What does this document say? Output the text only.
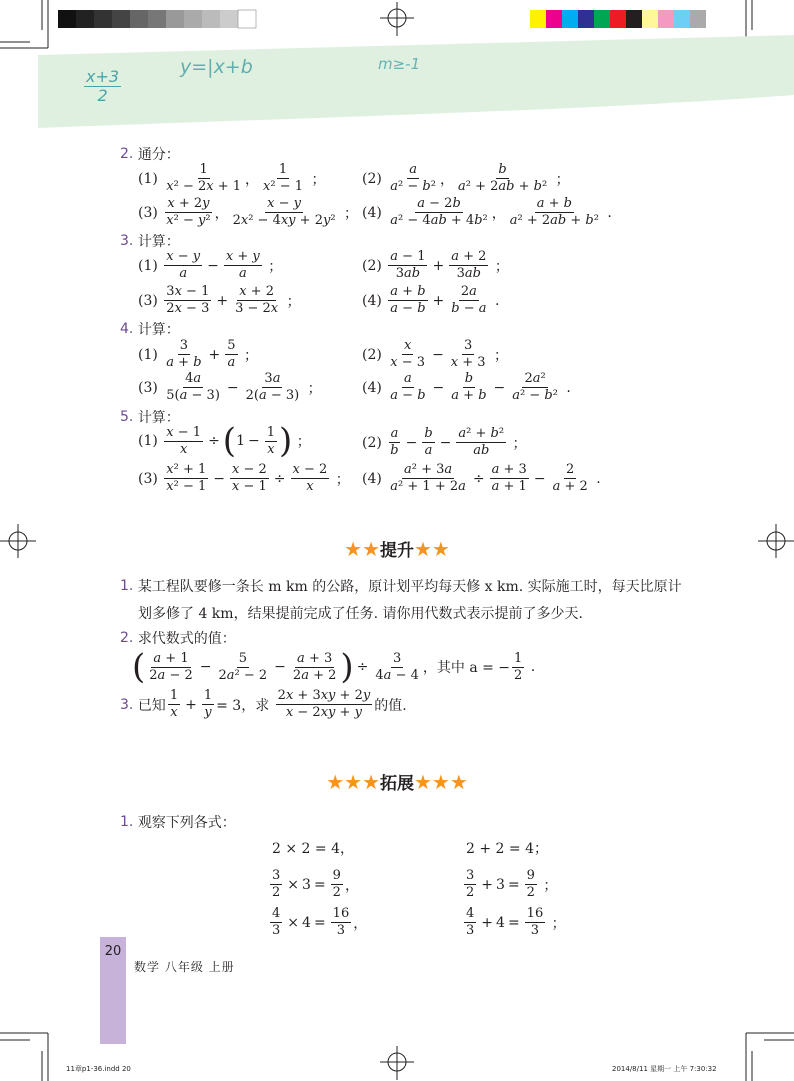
x+3
2
y=|x+b	m≥-1
2.
通分：
$(1) \frac{1}{\text{x² − 2x + 1}}$ ， $\frac{1}{\text{x² − 1}}$ ；	$(2) \frac{a}{\text{a² − b²}}$ ， $\frac{b}{\text{a² + 2ab + b²}}$ ；
$(3) \frac{x + 2y}{\text{x² − y²}}$ ， $\frac{x - y}{\text{2x² − 4xy + 2y²}}$ ； $(4) \frac{a - 2b}{\text{a² − 4ab + 4b²}}$ ， $\frac{a + b}{\text{a² + 2ab + b²}}$ .
3.
计算：
$(1) \frac{x - y}{a} - \frac{x + y}{a}$ ；	$(2) \frac{a - 1}{3ab} + \frac{a + 2}{3ab}$ ；
$(3) \frac{3x - 1}{2x - 3} + \frac{x + 2}{3 - 2x}$ ；	$(4) \frac{a + b}{a - b} + \frac{2a}{b - a}$ .
4.
计算：
$(1) \frac{3}{a + b} + \frac{5}{a}$ ；	$(2) \frac{x}{x - 3} - \frac{3}{x + 3}$ ；
$(3) \frac{4a}{5(a - 3)} - \frac{3a}{2(a - 3)}$ ；	$(4) \frac{a}{a - b} - \frac{b}{a + b} - \frac{\text{2a²}}{\text{a² − b²}}$ .
5.
计算：
$(1) \frac{x - 1}{x}$ ÷ ( $1 - \frac{1}{x}$ ) ；	$(2) \frac{a}{b} - \frac{b}{a} - \frac{\text{a² + b²}}{ab}$ ；
$(3) \frac{\text{x² + 1}}{\text{x² − 1}} - \frac{x - 2}{x - 1} \div \frac{x - 2}{x}$ ； $(4) \frac{\text{a² + 3a}}{\text{a² + 1 + 2a}} \div \frac{a + 3}{a + 1} - \frac{2}{a + 2}$ .
★★提升★★
1.
某工程队要修一条长 m km 的公路，原计划平均每天修 x km. 实际施工时，每天比原计
划多修了 4 km，结果提前完成了任务. 请你用代数式表示提前了多少天.
2.
求代数式的值：
( $\frac{a + 1}{2a - 2} - \frac{5}{\text{2a² − 2}} - \frac{a + 3}{2a + 2}$ ) ÷ $\frac{3}{4a - 4}$ ，其中 a = − $\frac{1}{2}$ .
3.
已知 $\frac{1}{x} + \frac{1}{y} = 3$，求
$\frac{2x + 3xy + 2y}{x - 2xy + y}$ 的值.
★★★拓展★★★
1.
观察下列各式：
2 × 2 = 4，	2 + 2 = 4；
$\frac{3}{2} \times 3 = \frac{9}{2}$ ，	$\frac{3}{2} + 3 = \frac{9}{2}$ ；
$\frac{4}{3} \times 4 = \frac{16}{3}$ ，	$\frac{4}{3} + 4 = \frac{16}{3}$ ；
20
数学 八年级 上册
11章p1-36.indd 20	2014/8/11 星期一 上午 7:30:32
